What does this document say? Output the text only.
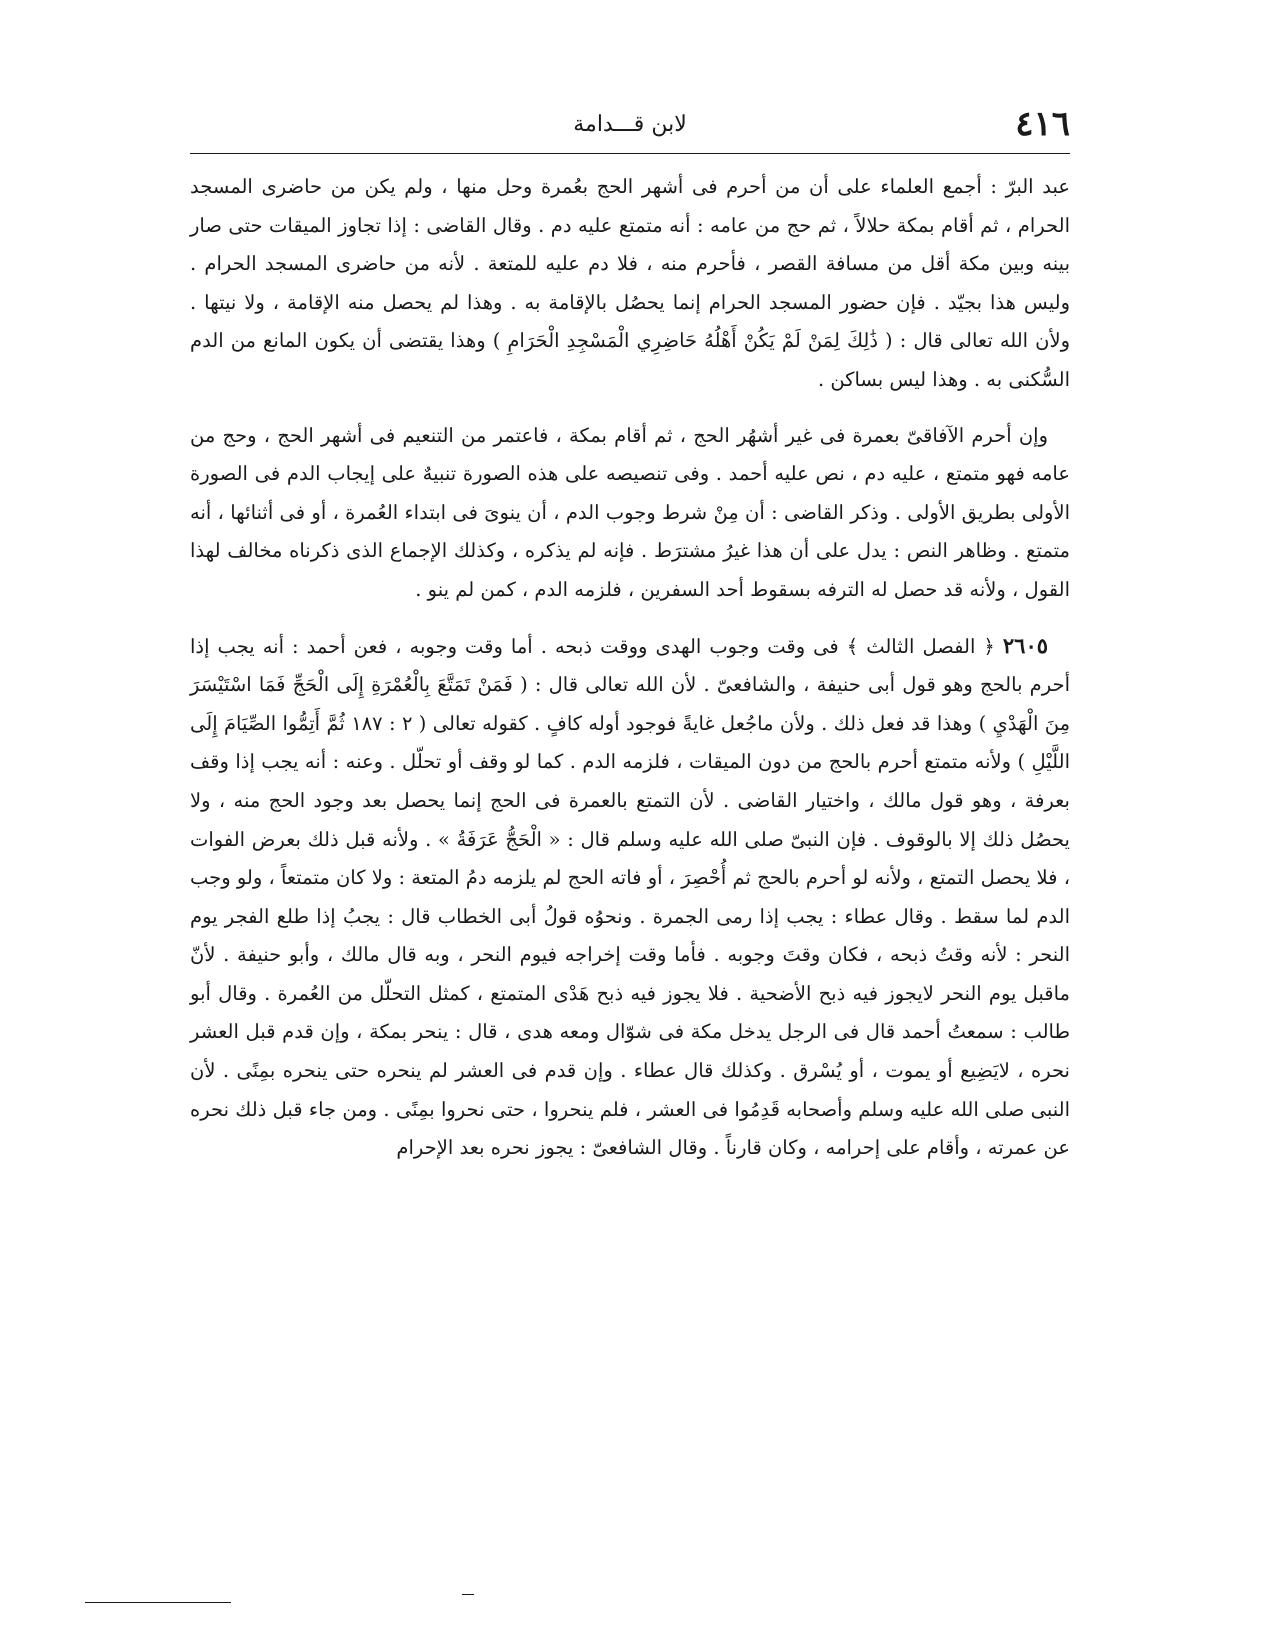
٤١٦
لابن قـــدامة

عبد البرّ : أجمع العلماء على أن من أحرم فى أشهر الحج بعُمرة وحل منها ، ولم يكن من حاضرى المسجد الحرام ، ثم أقام بمكة حلالاً ، ثم حج من عامه : أنه متمتع عليه دم . وقال القاضى : إذا تجاوز الميقات حتى صار بينه وبين مكة أقل من مسافة القصر ، فأحرم منه ، فلا دم عليه للمتعة . لأنه من حاضرى المسجد الحرام . وليس هذا بجيّد . فإن حضور المسجد الحرام إنما يحصُل بالإقامة به . وهذا لم يحصل منه الإقامة ، ولا نيتها . ولأن الله تعالى قال : ( ذَٰلِكَ لِمَنْ لَمْ يَكُنْ أَهْلُهُ حَاضِرِي الْمَسْجِدِ الْحَرَامِ ) وهذا يقتضى أن يكون المانع من الدم السُّكنى به . وهذا ليس بساكن .

وإن أحرم الآفاقىّ بعمرة فى غير أشهُر الحج ، ثم أقام بمكة ، فاعتمر من التنعيم فى أشهر الحج ، وحج من عامه فهو متمتع ، عليه دم ، نص عليه أحمد . وفى تنصيصه على هذه الصورة تنبيهٌ على إيجاب الدم فى الصورة الأولى بطريق الأولى . وذكر القاضى : أن مِنْ شرط وجوب الدم ، أن ينوىَ فى ابتداء العُمرة ، أو فى أثنائها ، أنه متمتع . وظاهر النص : يدل على أن هذا غيرُ مشترَط . فإنه لم يذكره ، وكذلك الإجماع الذى ذكرناه مخالف لهذا القول ، ولأنه قد حصل له الترفه بسقوط أحد السفرين ، فلزمه الدم ، كمن لم ينو .

٢٦٠٥ ﴿ الفصل الثالث ﴾ فى وقت وجوب الهدى ووقت ذبحه . أما وقت وجوبه ، فعن أحمد : أنه يجب إذا أحرم بالحج وهو قول أبى حنيفة ، والشافعىّ . لأن الله تعالى قال : ( فَمَنْ تَمَتَّعَ بِالْعُمْرَةِ إِلَى الْحَجِّ فَمَا اسْتَيْسَرَ مِنَ الْهَدْيِ ) وهذا قد فعل ذلك . ولأن ماجُعل غايةً فوجود أوله كافٍ . كقوله تعالى ( ٢ : ١٨٧ ثُمَّ أَتِمُّوا الصِّيَامَ إِلَى اللَّيْلِ ) ولأنه متمتع أحرم بالحج من دون الميقات ، فلزمه الدم . كما لو وقف أو تحلّل . وعنه : أنه يجب إذا وقف بعرفة ، وهو قول مالك ، واختيار القاضى . لأن التمتع بالعمرة فى الحج إنما يحصل بعد وجود الحج منه ، ولا يحصُل ذلك إلا بالوقوف . فإن النبىّ صلى الله عليه وسلم قال : « الْحَجُّ عَرَفَةُ » . ولأنه قبل ذلك بعرض الفوات ، فلا يحصل التمتع ، ولأنه لو أحرم بالحج ثم أُحْصِرَ ، أو فاته الحج لم يلزمه دمُ المتعة : ولا كان متمتعاً ، ولو وجب الدم لما سقط . وقال عطاء : يجب إذا رمى الجمرة . ونحوُه قولُ أبى الخطاب قال : يجبُ إذا طلع الفجر يوم النحر : لأنه وقتُ ذبحه ، فكان وقتَ وجوبه . فأما وقت إخراجه فيوم النحر ، وبه قال مالك ، وأبو حنيفة . لأنّ ماقبل يوم النحر لايجوز فيه ذبح الأضحية . فلا يجوز فيه ذبح هَدْى المتمتع ، كمثل التحلّل من العُمرة . وقال أبو طالب : سمعتُ أحمد قال فى الرجل يدخل مكة فى شوّال ومعه هدى ، قال : ينحر بمكة ، وإن قدم قبل العشر نحره ، لايَضِيع أو يموت ، أو يُسْرق . وكذلك قال عطاء . وإن قدم فى العشر لم ينحره حتى ينحره بمِنًى . لأن النبى صلى الله عليه وسلم وأصحابه قَدِمُوا فى العشر ، فلم ينحروا ، حتى نحروا بمِنًى . ومن جاء قبل ذلك نحره عن عمرته ، وأقام على إحرامه ، وكان قارناً . وقال الشافعىّ : يجوز نحره بعد الإحرام
